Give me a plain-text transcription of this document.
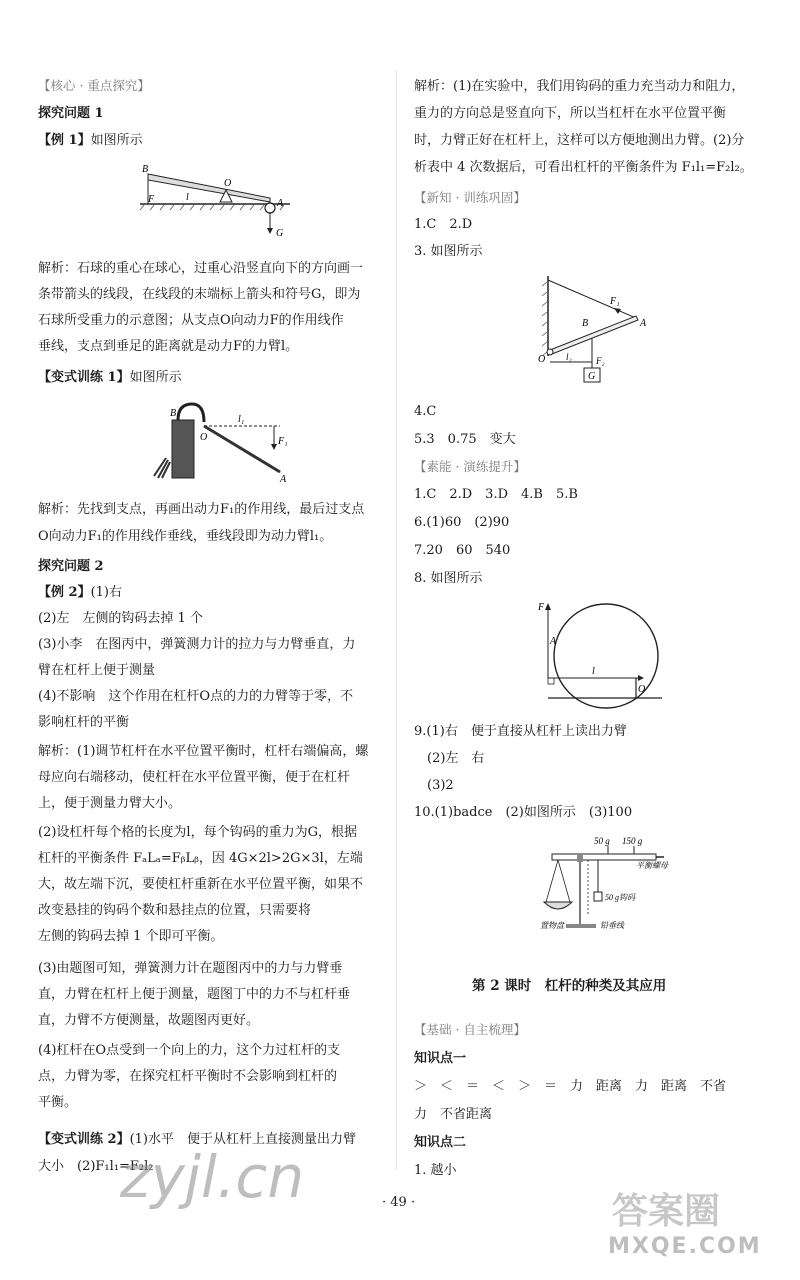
【核心 · 重点探究】
探究问题 1
【例 1】如图所示
B
O
F	l
A
G
解析：石球的重心在球心，过重心沿竖直向下的方向画一
条带箭头的线段，在线段的末端标上箭头和符号G，即为
石球所受重力的示意图；从支点O向动力F的作用线作
垂线，支点到垂足的距离就是动力F的力臂l。
【变式训练 1】如图所示
B
O
l₁
F₁
A
解析：先找到支点，再画出动力F₁的作用线，最后过支点
O向动力F₁的作用线作垂线，垂线段即为动力臂l₁。
探究问题 2
【例 2】(1)右
(2)左　左侧的钩码去掉 1 个
(3)小李　在图丙中，弹簧测力计的拉力与力臂垂直，力
臂在杠杆上便于测量
(4)不影响　这个作用在杠杆O点的力的力臂等于零，不
影响杠杆的平衡
解析：(1)调节杠杆在水平位置平衡时，杠杆右端偏高，螺
母应向右端移动，使杠杆在水平位置平衡，便于在杠杆
上，便于测量力臂大小。
(2)设杠杆每个格的长度为l，每个钩码的重力为G，根据
杠杆的平衡条件 FₐLₐ=FᵦLᵦ，因 4G×2l>2G×3l，左端
大，故左端下沉，要使杠杆重新在水平位置平衡，如果不
改变悬挂的钩码个数和悬挂点的位置，只需要将
左侧的钩码去掉 1 个即可平衡。
(3)由题图可知，弹簧测力计在题图丙中的力与力臂垂
直，力臂在杠杆上便于测量，题图丁中的力不与杠杆垂
直，力臂不方便测量，故题图丙更好。
(4)杠杆在O点受到一个向上的力，这个力过杠杆的支
点，力臂为零，在探究杠杆平衡时不会影响到杠杆的
平衡。
【变式训练 2】(1)水平　便于从杠杆上直接测量出力臂
大小　(2)F₁l₁=F₂l₂
解析：(1)在实验中，我们用钩码的重力充当动力和阻力，
重力的方向总是竖直向下，所以当杠杆在水平位置平衡
时，力臂正好在杠杆上，这样可以方便地测出力臂。(2)分
析表中 4 次数据后，可看出杠杆的平衡条件为 F₁l₁=F₂l₂。
【新知 · 训练巩固】
1.C　2.D
3. 如图所示
F₁
B	A
O l₂	F₂
G
4.C
5.3　0.75　变大
【素能 · 演练提升】
1.C　2.D　3.D　4.B　5.B
6.(1)60　(2)90
7.20　60　540
8. 如图所示
F
A
l
O
9.(1)右　便于直接从杠杆上读出力臂
　(2)左　右
　(3)2
10.(1)badce　(2)如图所示　(3)100
50 g 150 g
平衡螺母
50 g钩码
置物盘	铅垂线
第 2 课时　杠杆的种类及其应用
【基础 · 自主梳理】
知识点一
＞　＜　＝　＜　＞　＝　力　距离　力　距离　不省
力　不省距离
知识点二
1. 越小
· 49 ·
zyjl.cn
答案圈
MXQE.COM
